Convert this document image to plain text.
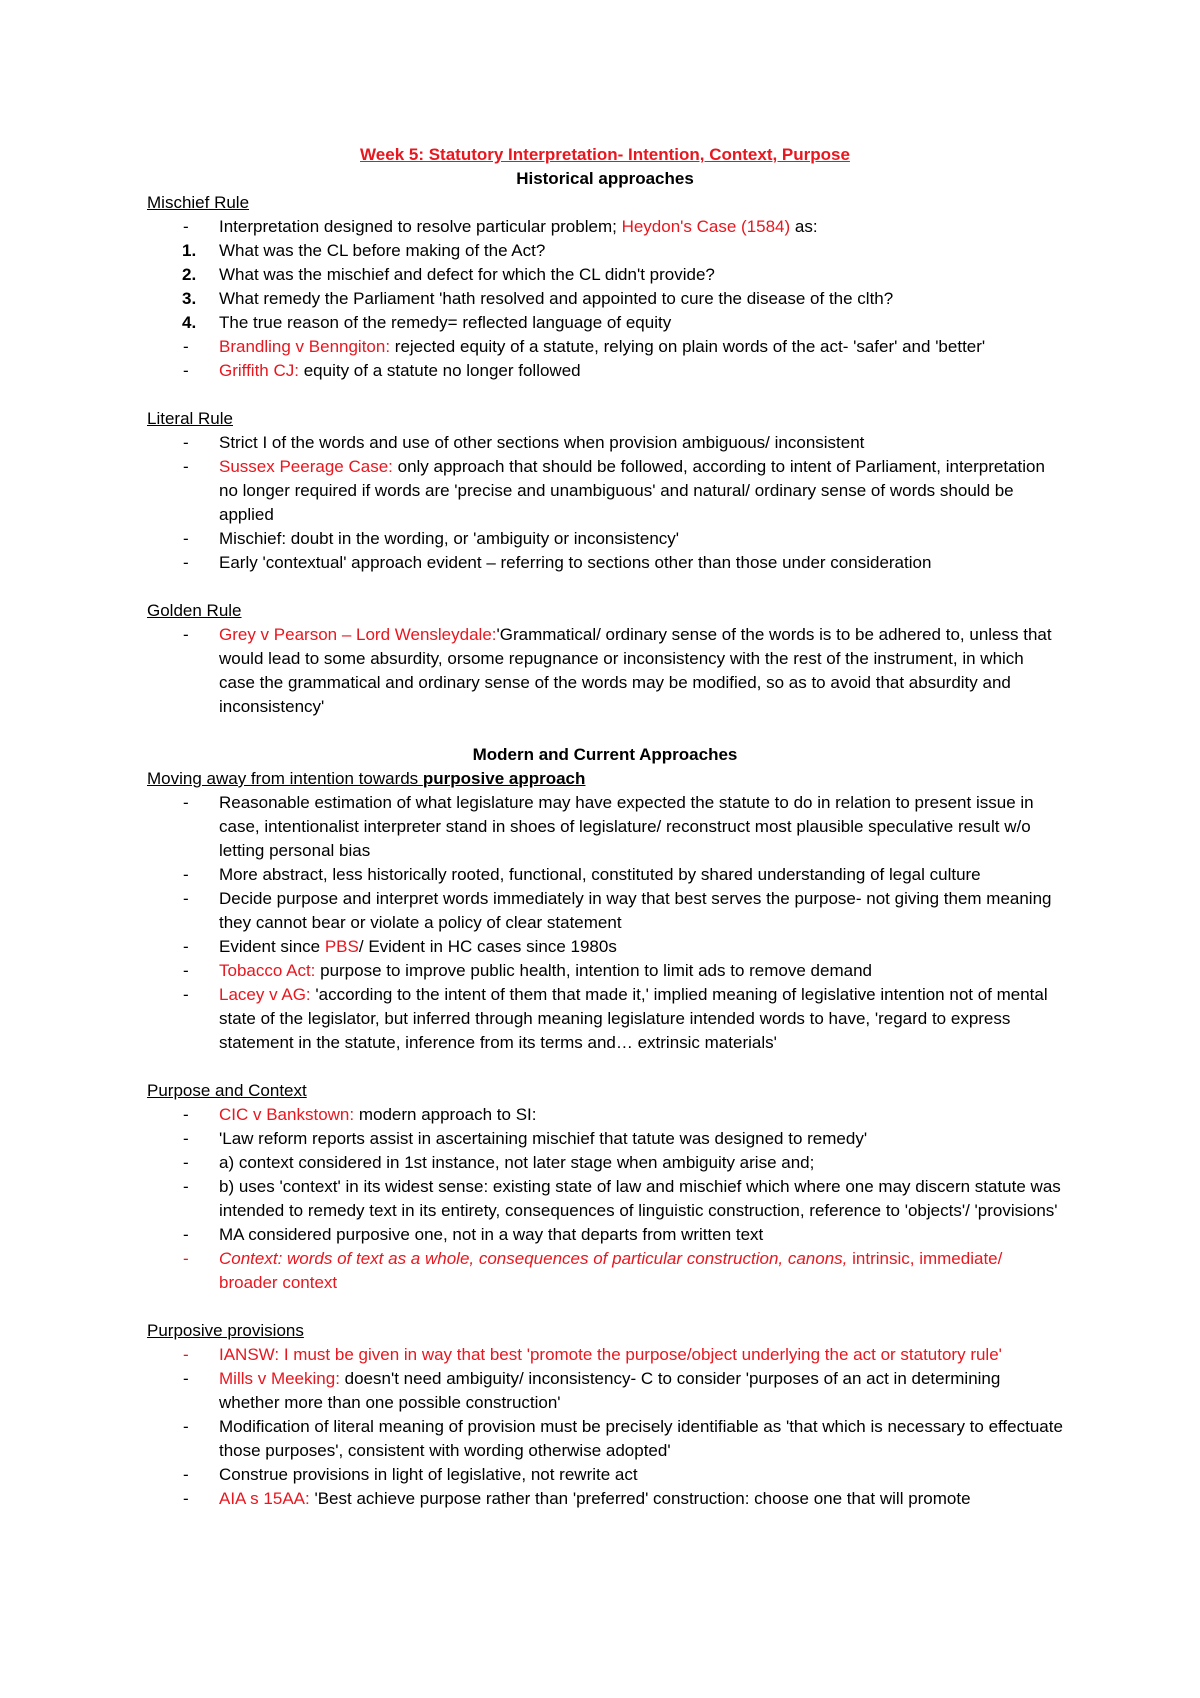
Week 5: Statutory Interpretation- Intention, Context, Purpose
Historical approaches
Mischief Rule
-	Interpretation designed to resolve particular problem; Heydon's Case (1584) as:
1.	What was the CL before making of the Act?
2.	What was the mischief and defect for which the CL didn't provide?
3.	What remedy the Parliament 'hath resolved and appointed to cure the disease of the clth?
4.	The true reason of the remedy= reflected language of equity
-	Brandling v Benngiton: rejected equity of a statute, relying on plain words of the act- 'safer' and 'better'
-	Griffith CJ: equity of a statute no longer followed
Literal Rule
-	Strict I of the words and use of other sections when provision ambiguous/ inconsistent
-	Sussex Peerage Case: only approach that should be followed, according to intent of Parliament, interpretation no longer required if words are 'precise and unambiguous' and natural/ ordinary sense of words should be applied
-	Mischief: doubt in the wording, or 'ambiguity or inconsistency'
-	Early 'contextual' approach evident – referring to sections other than those under consideration
Golden Rule
-	Grey v Pearson – Lord Wensleydale:'Grammatical/ ordinary sense of the words is to be adhered to, unless that would lead to some absurdity, orsome repugnance or inconsistency with the rest of the instrument, in which case the grammatical and ordinary sense of the words may be modified, so as to avoid that absurdity and inconsistency'
Modern and Current Approaches
Moving away from intention towards purposive approach
-	Reasonable estimation of what legislature may have expected the statute to do in relation to present issue in case, intentionalist interpreter stand in shoes of legislature/ reconstruct most plausible speculative result w/o letting personal bias
-	More abstract, less historically rooted, functional, constituted by shared understanding of legal culture
-	Decide purpose and interpret words immediately in way that best serves the purpose- not giving them meaning they cannot bear or violate a policy of clear statement
-	Evident since PBS/ Evident in HC cases since 1980s
-	Tobacco Act: purpose to improve public health, intention to limit ads to remove demand
-	Lacey v AG: 'according to the intent of them that made it,' implied meaning of legislative intention not of mental state of the legislator, but inferred through meaning legislature intended words to have, 'regard to express statement in the statute, inference from its terms and… extrinsic materials'
Purpose and Context
-	CIC v Bankstown: modern approach to SI:
-	'Law reform reports assist in ascertaining mischief that tatute was designed to remedy'
-	a) context considered in 1st instance, not later stage when ambiguity arise and;
-	b) uses 'context' in its widest sense: existing state of law and mischief which where one may discern statute was intended to remedy text in its entirety, consequences of linguistic construction, reference to 'objects'/ 'provisions'
-	MA considered purposive one, not in a way that departs from written text
-	Context: words of text as a whole, consequences of particular construction, canons, intrinsic, immediate/ broader context
Purposive provisions
-	IANSW: I must be given in way that best 'promote the purpose/object underlying the act or statutory rule'
-	Mills v Meeking: doesn't need ambiguity/ inconsistency- C to consider 'purposes of an act in determining whether more than one possible construction'
-	Modification of literal meaning of provision must be precisely identifiable as 'that which is necessary to effectuate those purposes', consistent with wording otherwise adopted'
-	Construe provisions in light of legislative, not rewrite act
-	AIA s 15AA: 'Best achieve purpose rather than 'preferred' construction: choose one that will promote
